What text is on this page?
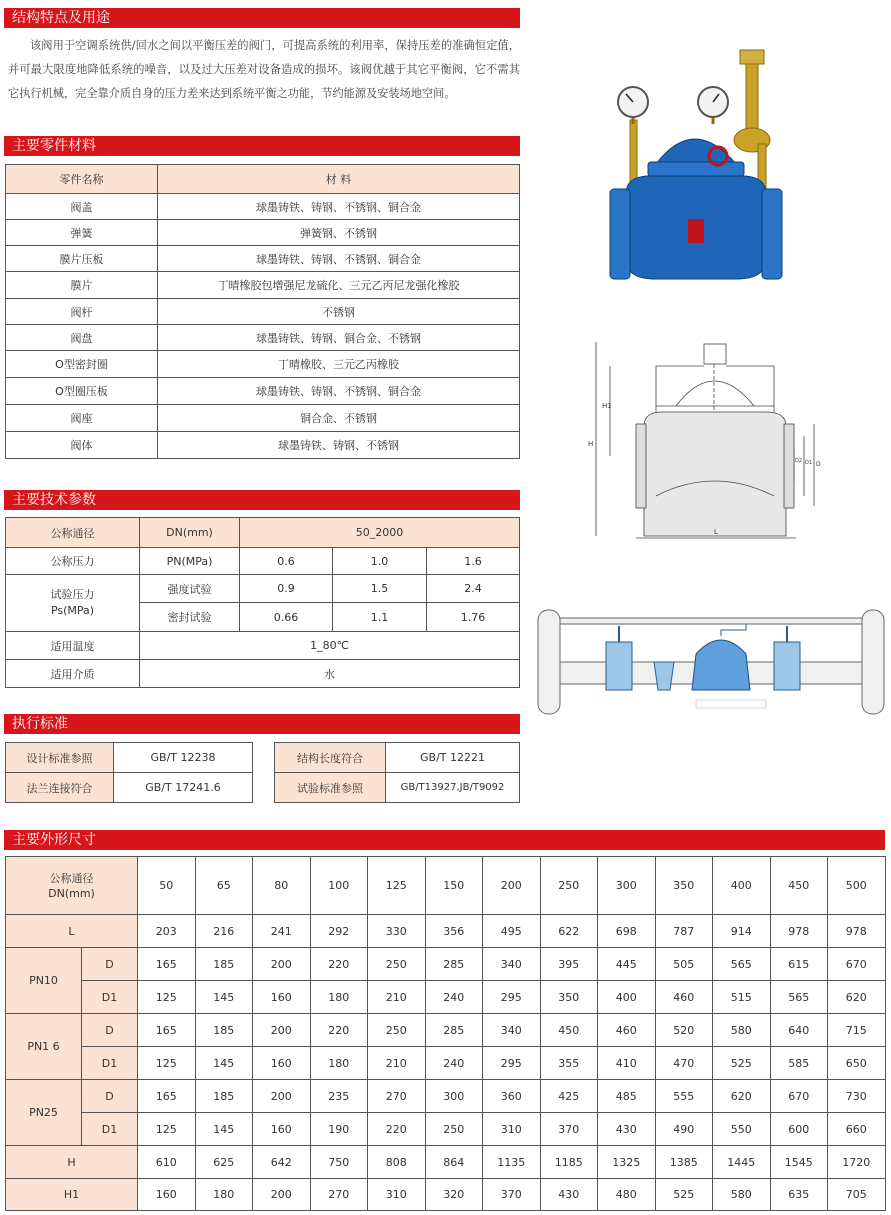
结构特点及用途

该阀用于空调系统供/回水之间以平衡压差的阀门，可提高系统的利用率，保持压差的准确恒定值，并可最大限度地降低系统的噪音，以及过大压差对设备造成的损坏。该阀优越于其它平衡阀，它不需其它执行机械，完全靠介质自身的压力差来达到系统平衡之功能，节约能源及安装场地空间。

主要零件材料
零件名称	材 料
阀盖	球墨铸铁、铸钢、不锈钢、铜合金
弹簧	弹簧钢、不锈钢
膜片压板	球墨铸铁、铸钢、不锈钢、铜合金
膜片	丁晴橡胶包增强尼龙硫化、三元乙丙尼龙强化橡胶
阀杆	不锈钢
阀盘	球墨铸铁、铸钢、铜合金、不锈钢
O型密封圈	丁晴橡胶、三元乙丙橡胶
O型圈压板	球墨铸铁、铸钢、不锈钢、铜合金
阀座	铜合金、不锈钢
阀体	球墨铸铁、铸钢、不锈钢
主要技术参数
公称通径	DN(mm)	50_2000		
公称压力	PN(MPa)	0.6	1.0	1.6

试验压力
Ps(MPa)	强度试验	0.9	1.5	2.4
	密封试验	0.66	1.1	1.76
适用温度	1_80℃			
适用介质	水			
执行标准
设计标准参照	GB/T 12238
法兰连接符合	GB/T 17241.6
结构长度符合	GB/T 12221
试验标准参照	GB/T13927,JB/T9092
主要外形尺寸
公称通径
DN(mm)		50	65	80	100	125	150	200	250	300	350	400	450	500
L		203	216	241	292	330	356	495	622	698	787	914	978	978
PN10	D	165	185	200	220	250	285	340	395	445	505	565	615	670
	D1	125	145	160	180	210	240	295	350	400	460	515	565	620
PN1 6	D	165	185	200	220	250	285	340	450	460	520	580	640	715
	D1	125	145	160	180	210	240	295	355	410	470	525	585	650
PN25	D	165	185	200	235	270	300	360	425	485	555	620	670	730
	D1	125	145	160	190	220	250	310	370	430	490	550	600	660
H		610	625	642	750	808	864	1135	1185	1325	1385	1445	1545	1720
H1		160	180	200	270	310	320	370	430	480	525	580	635	705
H
H1
L
D
D1
D2
